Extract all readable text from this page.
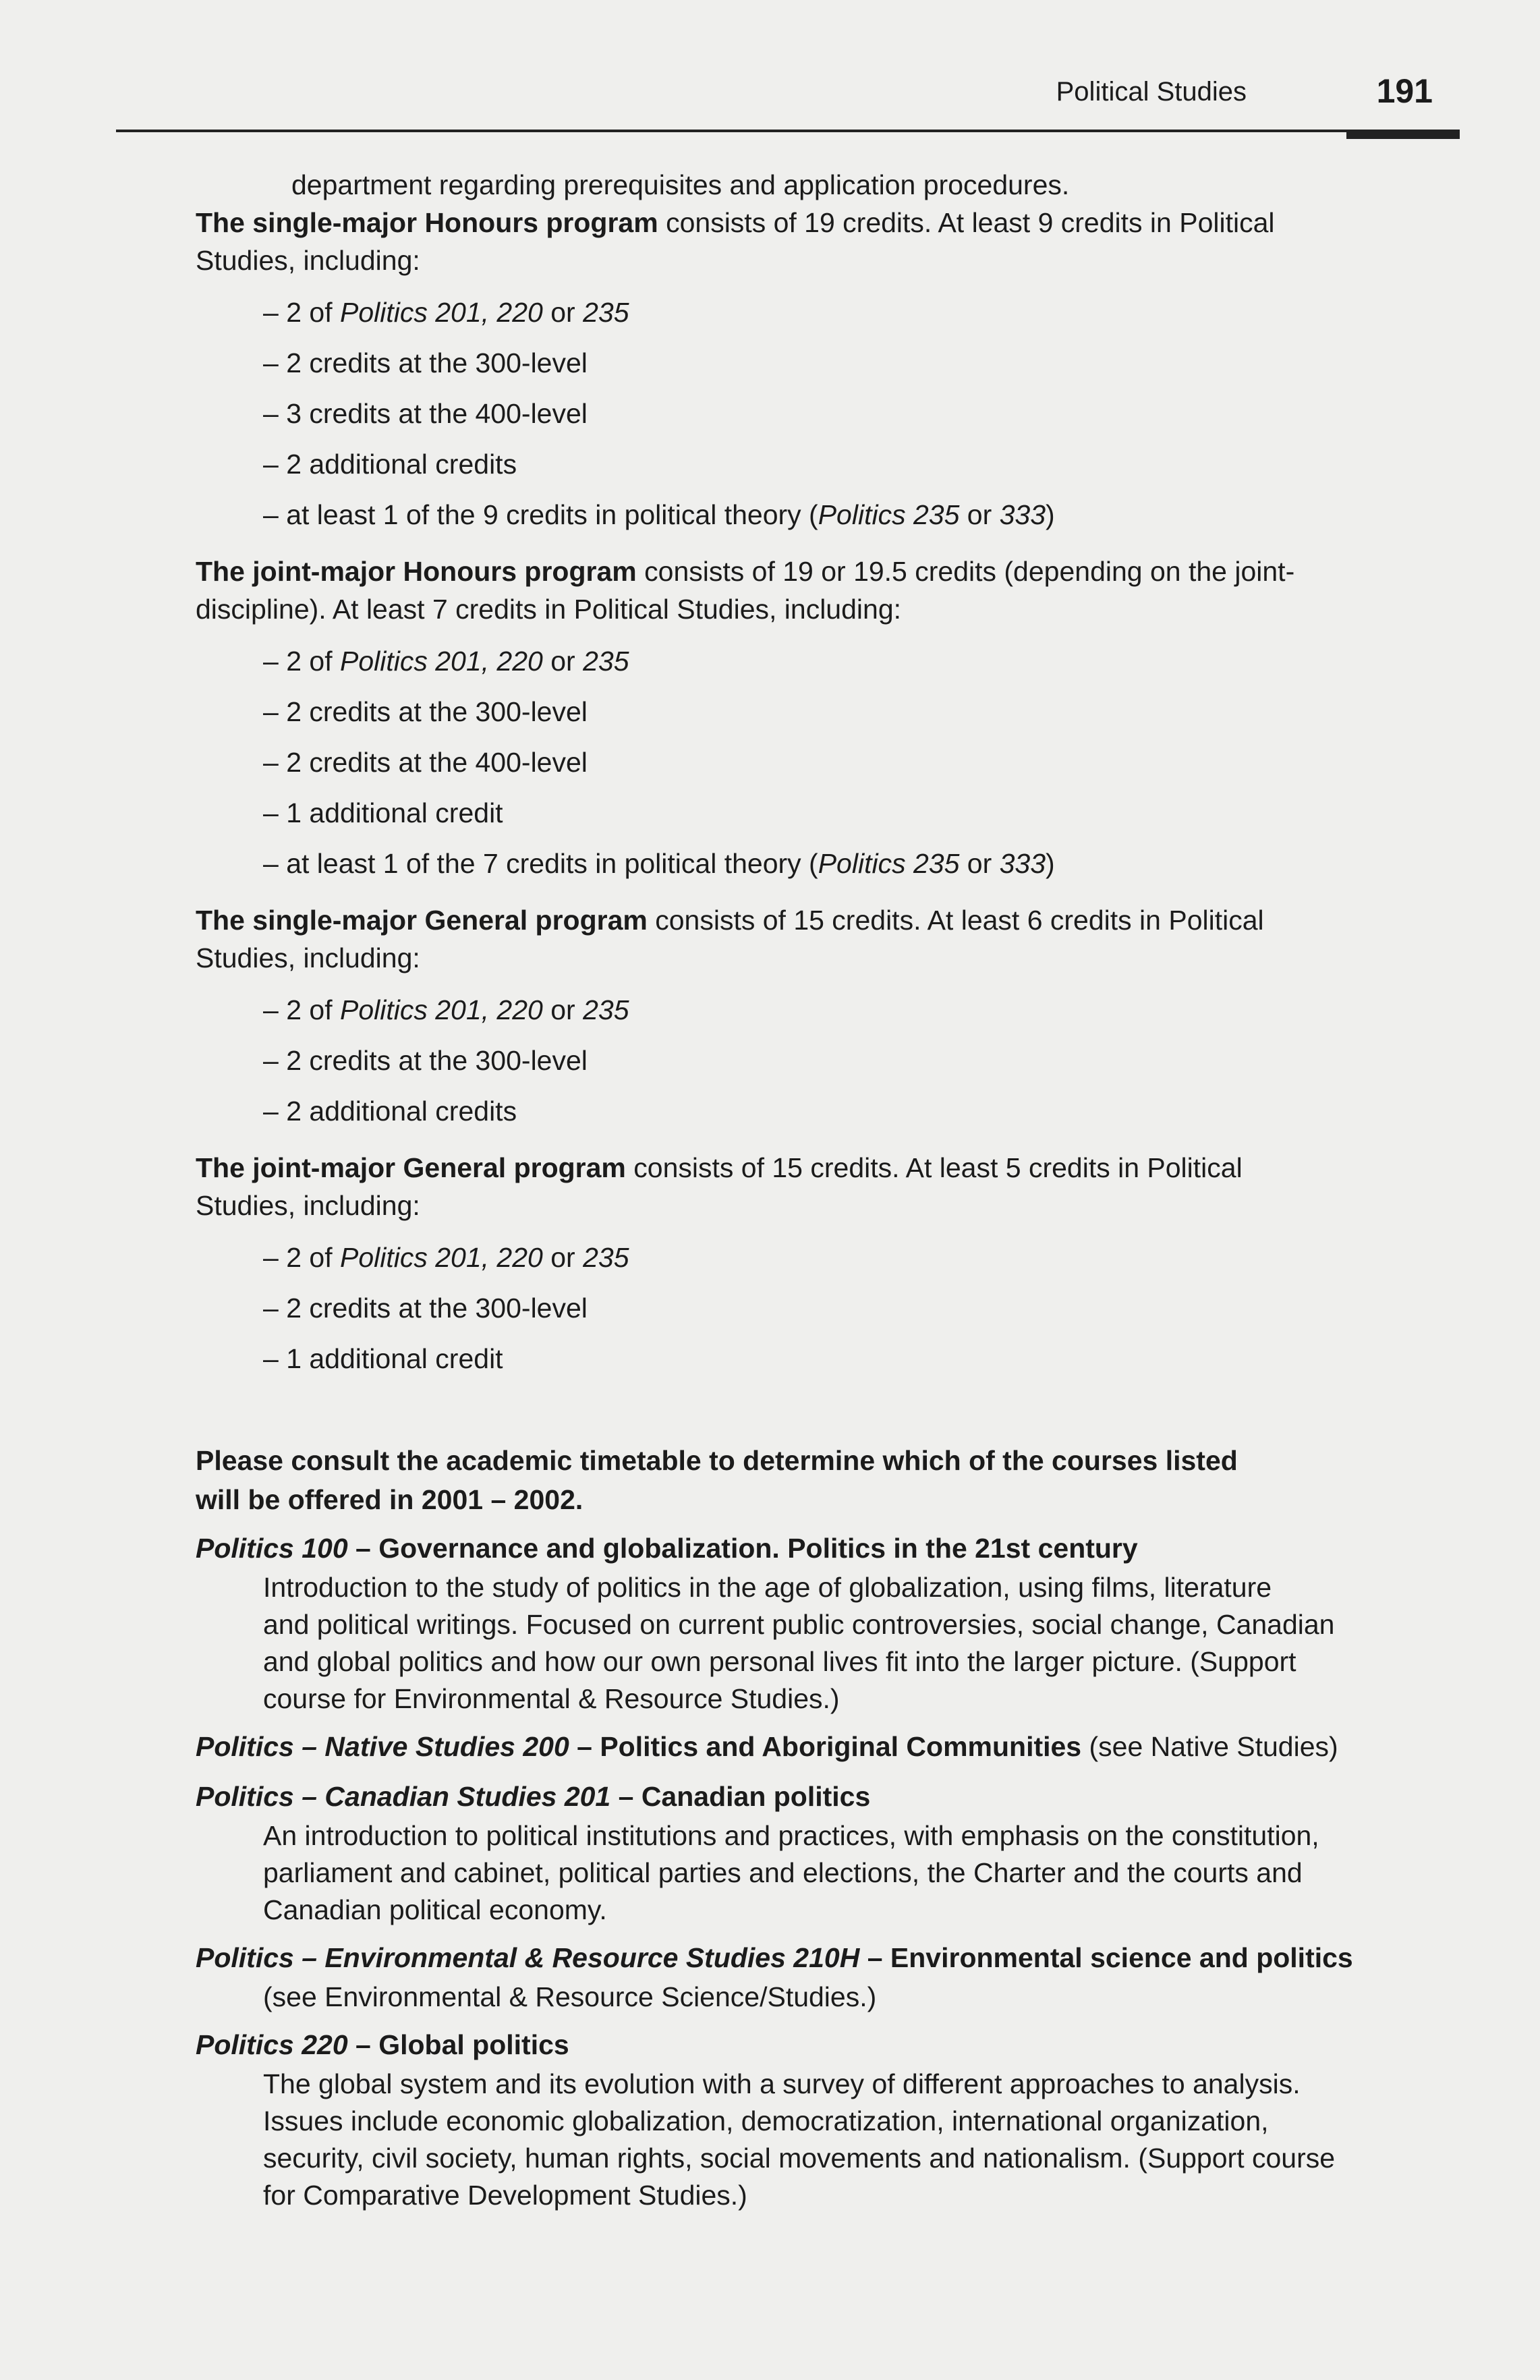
Political Studies	191

department regarding prerequisites and application procedures.

The single-major Honours program consists of 19 credits. At least 9 credits in Political
Studies, including:

– 2 of Politics 201, 220 or 235
– 2 credits at the 300-level
– 3 credits at the 400-level
– 2 additional credits
– at least 1 of the 9 credits in political theory (Politics 235 or 333)

The joint-major Honours program consists of 19 or 19.5 credits (depending on the joint-
discipline). At least 7 credits in Political Studies, including:

– 2 of Politics 201, 220 or 235
– 2 credits at the 300-level
– 2 credits at the 400-level
– 1 additional credit
– at least 1 of the 7 credits in political theory (Politics 235 or 333)

The single-major General program consists of 15 credits. At least 6 credits in Political
Studies, including:

– 2 of Politics 201, 220 or 235
– 2 credits at the 300-level
– 2 additional credits

The joint-major General program consists of 15 credits. At least 5 credits in Political
Studies, including:

– 2 of Politics 201, 220 or 235
– 2 credits at the 300-level
– 1 additional credit

Please consult the academic timetable to determine which of the courses listed
will be offered in 2001 – 2002.

Politics 100 – Governance and globalization. Politics in the 21st century
Introduction to the study of politics in the age of globalization, using films, literature
and political writings. Focused on current public controversies, social change, Canadian
and global politics and how our own personal lives fit into the larger picture. (Support
course for Environmental & Resource Studies.)
Politics – Native Studies 200 – Politics and Aboriginal Communities (see Native Studies)
Politics – Canadian Studies 201 – Canadian politics
An introduction to political institutions and practices, with emphasis on the constitution,
parliament and cabinet, political parties and elections, the Charter and the courts and
Canadian political economy.
Politics – Environmental & Resource Studies 210H – Environmental science and politics
(see Environmental & Resource Science/Studies.)
Politics 220 – Global politics
The global system and its evolution with a survey of different approaches to analysis.
Issues include economic globalization, democratization, international organization,
security, civil society, human rights, social movements and nationalism. (Support course
for Comparative Development Studies.)
